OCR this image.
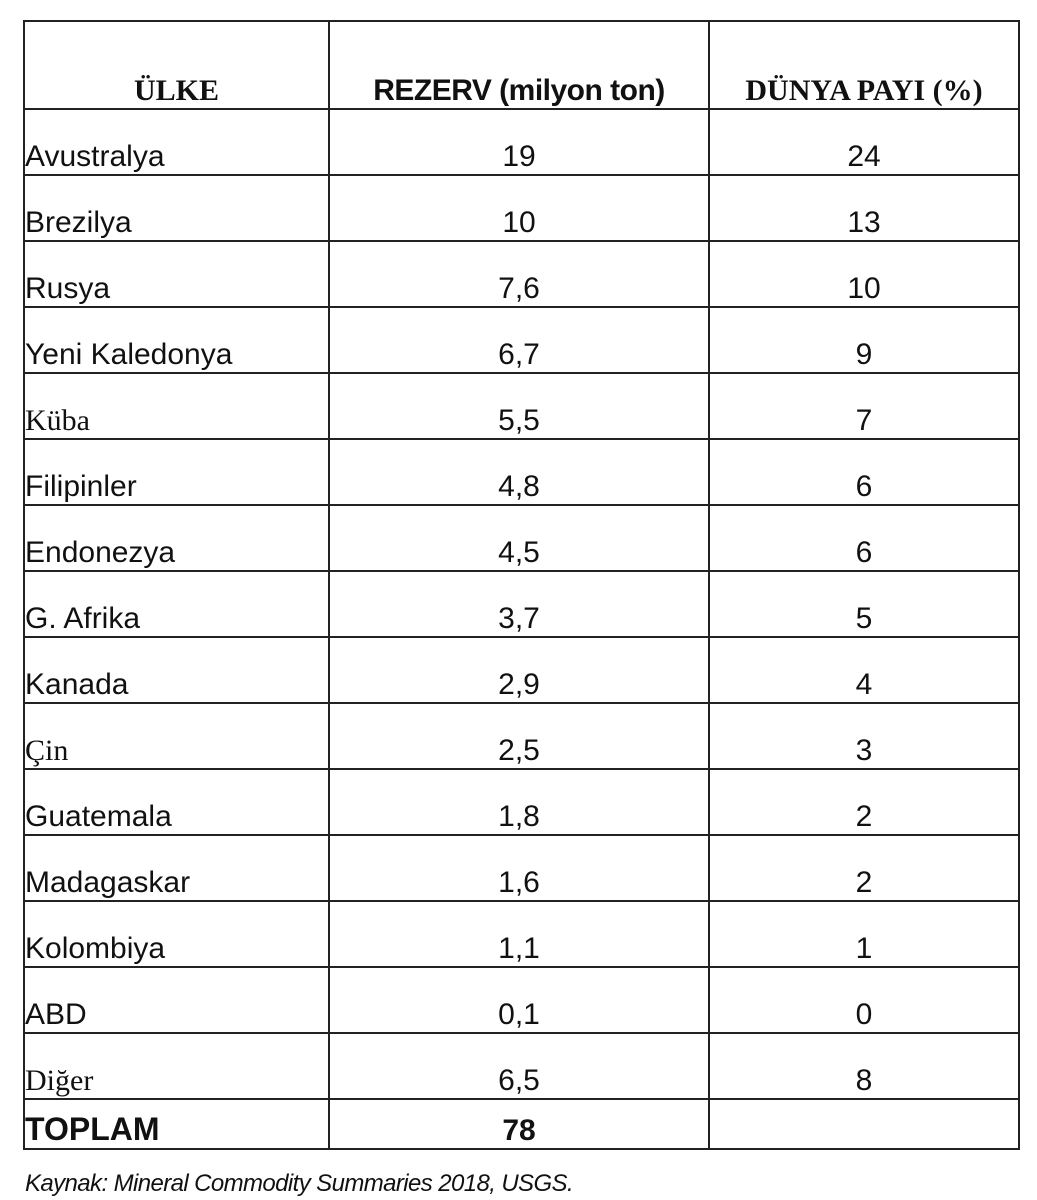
ÜLKE	REZERV (milyon ton)	DÜNYA PAYI (%)
Avustralya	19	24
Brezilya	10	13
Rusya	7,6	10
Yeni Kaledonya	6,7	9
Küba	5,5	7
Filipinler	4,8	6
Endonezya	4,5	6
G. Afrika	3,7	5
Kanada	2,9	4
Çin	2,5	3
Guatemala	1,8	2
Madagaskar	1,6	2
Kolombiya	1,1	1
ABD	0,1	0
Diğer	6,5	8
TOPLAM	78	
Kaynak: Mineral Commodity Summaries 2018, USGS.
